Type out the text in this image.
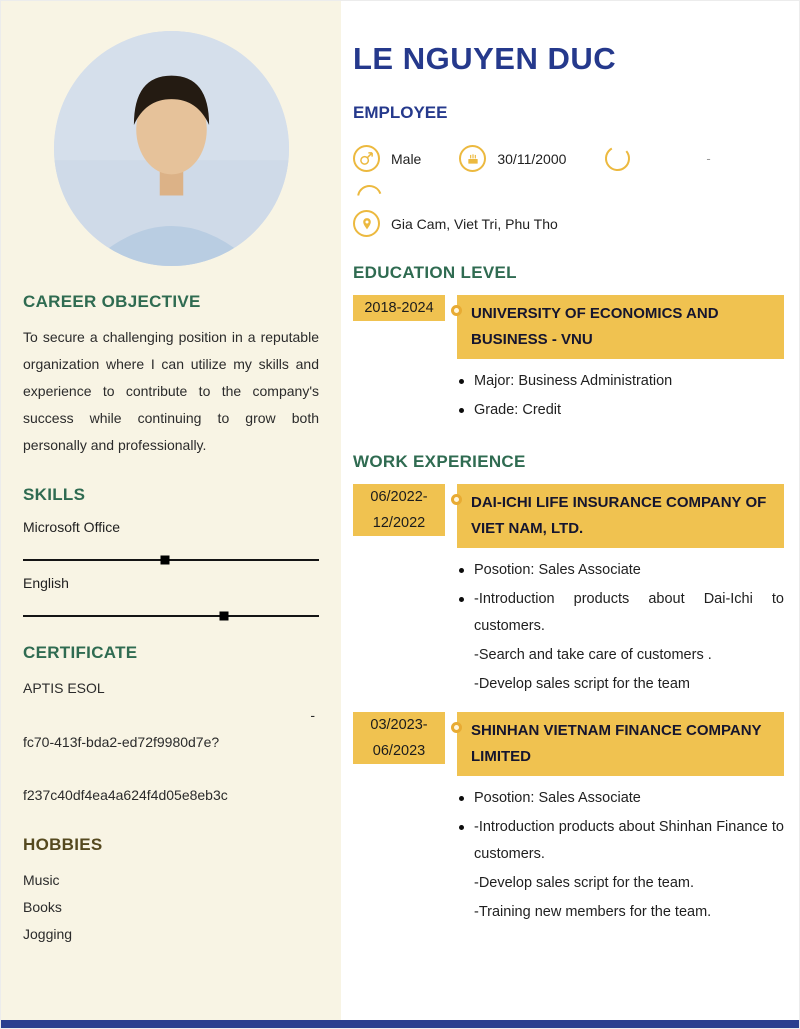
CAREER OBJECTIVE

To secure a challenging position in a reputable organization where I can utilize my skills and experience to contribute to the company's success while continuing to grow both personally and professionally.

SKILLS
Microsoft Office
English
CERTIFICATE

APTIS ESOL

-

fc70-413f-bda2-ed72f9980d7e?

f237c40df4ea4a624f4d05e8eb3c

HOBBIES
Music
Books
Jogging
LE NGUYEN DUC
EMPLOYEE
Male	30/11/2000	-
Gia Cam, Viet Tri, Phu Tho
EDUCATION LEVEL
2018-2024	UNIVERSITY OF ECONOMICS AND BUSINESS - VNU
Major: Business Administration
Grade: Credit
WORK EXPERIENCE
06/2022-12/2022
DAI-ICHI LIFE INSURANCE COMPANY OF VIET NAM, LTD.
Posotion: Sales Associate
-Introduction products about Dai-Ichi to customers.
-Search and take care of customers .
-Develop sales script for the team
03/2023-06/2023
SHINHAN VIETNAM FINANCE COMPANY LIMITED
Posotion: Sales Associate
-Introduction products about Shinhan Finance to customers.
-Develop sales script for the team.
-Training new members for the team.
